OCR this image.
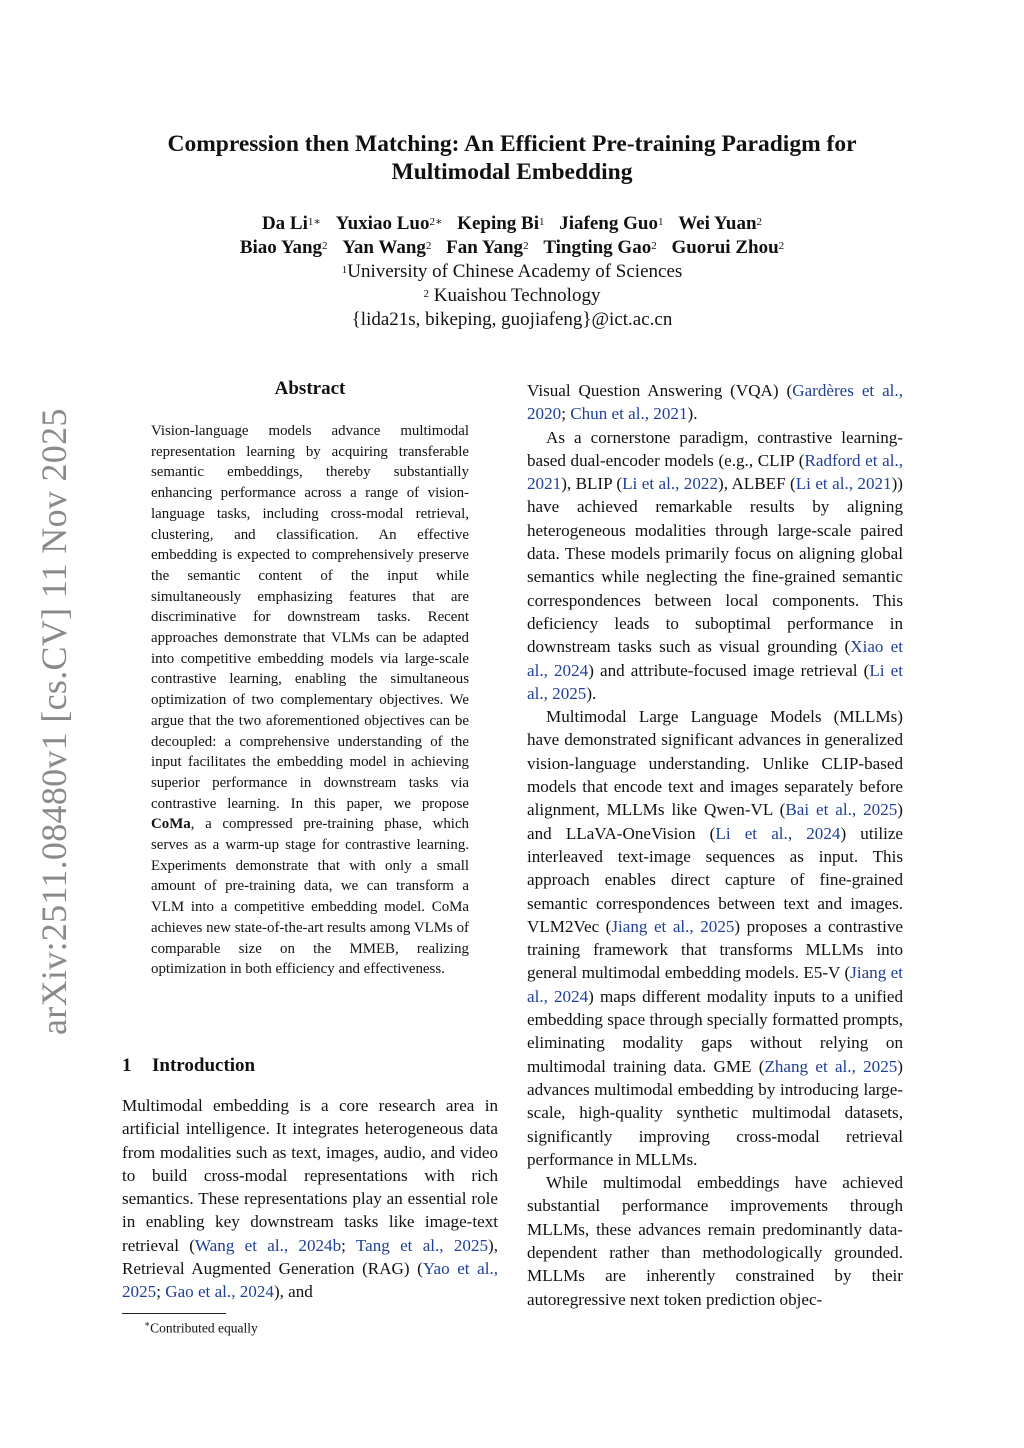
arXiv:2511.08480v1 [cs.CV] 11 Nov 2025
Compression then Matching: An Efficient Pre-training Paradigm for
Multimodal Embedding
Da $Li^{1∗}$ Yuxiao Luo$^{2∗}$ Keping Bi$^1$ Jiafeng Guo$^1$ Wei Yuan$^2$
Biao Yang$^2$ Yan Wang$^2$ Fan Yang$^2$ Tingting Gao$^2$ Guorui Zhou$^2$
$^1$University of Chinese Academy of Sciences
$^2$ Kuaishou Technology
{lida21s, bikeping, guojiafeng}@ict.ac.cn
Abstract
Vision-language models advance multimodal representation learning by acquiring transferable semantic embeddings, thereby substantially enhancing performance across a range of vision-language tasks, including cross-modal retrieval, clustering, and classification. An effective embedding is expected to comprehensively preserve the semantic content of the input while simultaneously emphasizing features that are discriminative for downstream tasks. Recent approaches demonstrate that VLMs can be adapted into competitive embedding models via large-scale contrastive learning, enabling the simultaneous optimization of two complementary objectives. We argue that the two aforementioned objectives can be decoupled: a comprehensive understanding of the input facilitates the embedding model in achieving superior performance in downstream tasks via contrastive learning. In this paper, we propose CoMa, a compressed pre-training phase, which serves as a warm-up stage for contrastive learning. Experiments demonstrate that with only a small amount of pre-training data, we can transform a VLM into a competitive embedding model. CoMa achieves new state-of-the-art results among VLMs of comparable size on the MMEB, realizing optimization in both efficiency and effectiveness.
1 Introduction

Multimodal embedding is a core research area in artificial intelligence. It integrates heterogeneous data from modalities such as text, images, audio, and video to build cross-modal representations with rich semantics. These representations play an essential role in enabling key downstream tasks like image-text retrieval (Wang et al., 2024b; Tang et al., 2025), Retrieval Augmented Generation (RAG) (Yao et al., 2025; Gao et al., 2024), and

∗Contributed equally

Visual Question Answering (VQA) (Gardères et al., 2020; Chun et al., 2021).

As a cornerstone paradigm, contrastive learning-based dual-encoder models (e.g., CLIP (Radford et al., 2021), BLIP (Li et al., 2022), ALBEF (Li et al., 2021)) have achieved remarkable results by aligning heterogeneous modalities through large-scale paired data. These models primarily focus on aligning global semantics while neglecting the fine-grained semantic correspondences between local components. This deficiency leads to suboptimal performance in downstream tasks such as visual grounding (Xiao et al., 2024) and attribute-focused image retrieval (Li et al., 2025).

Multimodal Large Language Models (MLLMs) have demonstrated significant advances in generalized vision-language understanding. Unlike CLIP-based models that encode text and images separately before alignment, MLLMs like Qwen-VL (Bai et al., 2025) and LLaVA-OneVision (Li et al., 2024) utilize interleaved text-image sequences as input. This approach enables direct capture of fine-grained semantic correspondences between text and images. VLM2Vec (Jiang et al., 2025) proposes a contrastive training framework that transforms MLLMs into general multimodal embedding models. E5-V (Jiang et al., 2024) maps different modality inputs to a unified embedding space through specially formatted prompts, eliminating modality gaps without relying on multimodal training data. GME (Zhang et al., 2025) advances multimodal embedding by introducing large-scale, high-quality synthetic multimodal datasets, significantly improving cross-modal retrieval performance in MLLMs.

While multimodal embeddings have achieved substantial performance improvements through MLLMs, these advances remain predominantly data-dependent rather than methodologically grounded. MLLMs are inherently constrained by their autoregressive next token prediction objec-
